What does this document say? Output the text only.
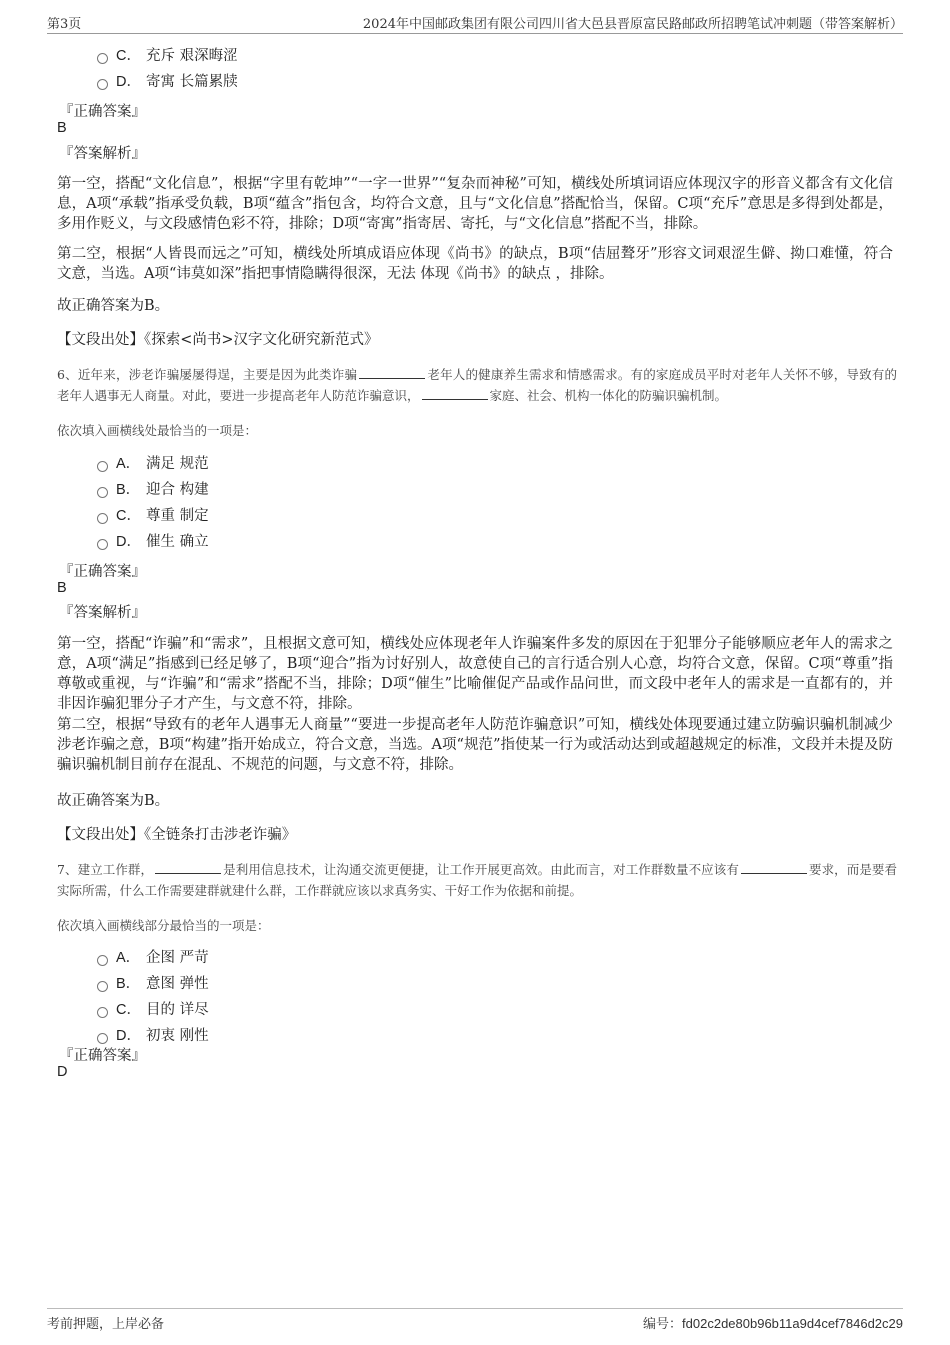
第3页	2024年中国邮政集团有限公司四川省大邑县晋原富民路邮政所招聘笔试冲刺题（带答案解析）
C． 充斥 艰深晦涩
D． 寄寓 长篇累牍
『正确答案』
B
『答案解析』
第一空，搭配“文化信息”，根据“字里有乾坤”“一字一世界”“复杂而神秘”可知，横线处所填词语应体现汉字的形音义都含有文化信息，A项“承载”指承受负载，B项“蕴含”指包含，均符合文意，且与“文化信息”搭配恰当，保留。C项“充斥”意思是多得到处都是，多用作贬义，与文段感情色彩不符，排除；D项“寄寓”指寄居、寄托，与“文化信息”搭配不当，排除。
第二空，根据“人皆畏而远之”可知，横线处所填成语应体现《尚书》的缺点，B项“佶屈聱牙”形容文词艰涩生僻、拗口难懂，符合文意，当选。A项“讳莫如深”指把事情隐瞒得很深，无法 体现《尚书》的缺点 ，排除。
故正确答案为B。
【文段出处】《探索<尚书>汉字文化研究新范式》
6、近年来，涉老诈骗屡屡得逞，主要是因为此类诈骗	老年人的健康养生需求和情感需求。有的家庭成员平时对老年人关怀不够，导致有的老年人遇事无人商量。对此，要进一步提高老年人防范诈骗意识，	家庭、社会、机构一体化的防骗识骗机制。
依次填入画横线处最恰当的一项是：
A． 满足 规范
B． 迎合 构建
C． 尊重 制定
D． 催生 确立
『正确答案』
B
『答案解析』
第一空，搭配“诈骗”和“需求”，且根据文意可知，横线处应体现老年人诈骗案件多发的原因在于犯罪分子能够顺应老年人的需求之意，A项“满足”指感到已经足够了，B项“迎合”指为讨好别人，故意使自己的言行适合别人心意，均符合文意，保留。C项“尊重”指尊敬或重视，与“诈骗”和“需求”搭配不当，排除；D项“催生”比喻催促产品或作品问世，而文段中老年人的需求是一直都有的，并非因诈骗犯罪分子才产生，与文意不符，排除。
第二空，根据“导致有的老年人遇事无人商量”“要进一步提高老年人防范诈骗意识”可知，横线处体现要通过建立防骗识骗机制减少涉老诈骗之意，B项“构建”指开始成立，符合文意，当选。A项“规范”指使某一行为或活动达到或超越规定的标准，文段并未提及防骗识骗机制目前存在混乱、不规范的问题，与文意不符，排除。
故正确答案为B。
【文段出处】《全链条打击涉老诈骗》
7、建立工作群，	是利用信息技术，让沟通交流更便捷，让工作开展更高效。由此而言，对工作群数量不应该有	要求，而是要看实际所需，什么工作需要建群就建什么群，工作群就应该以求真务实、干好工作为依据和前提。
依次填入画横线部分最恰当的一项是：
A． 企图 严苛
B． 意图 弹性
C． 目的 详尽
D． 初衷 刚性
『正确答案』
D
考前押题，上岸必备	编号：fd02c2de80b96b11a9d4cef7846d2c29
